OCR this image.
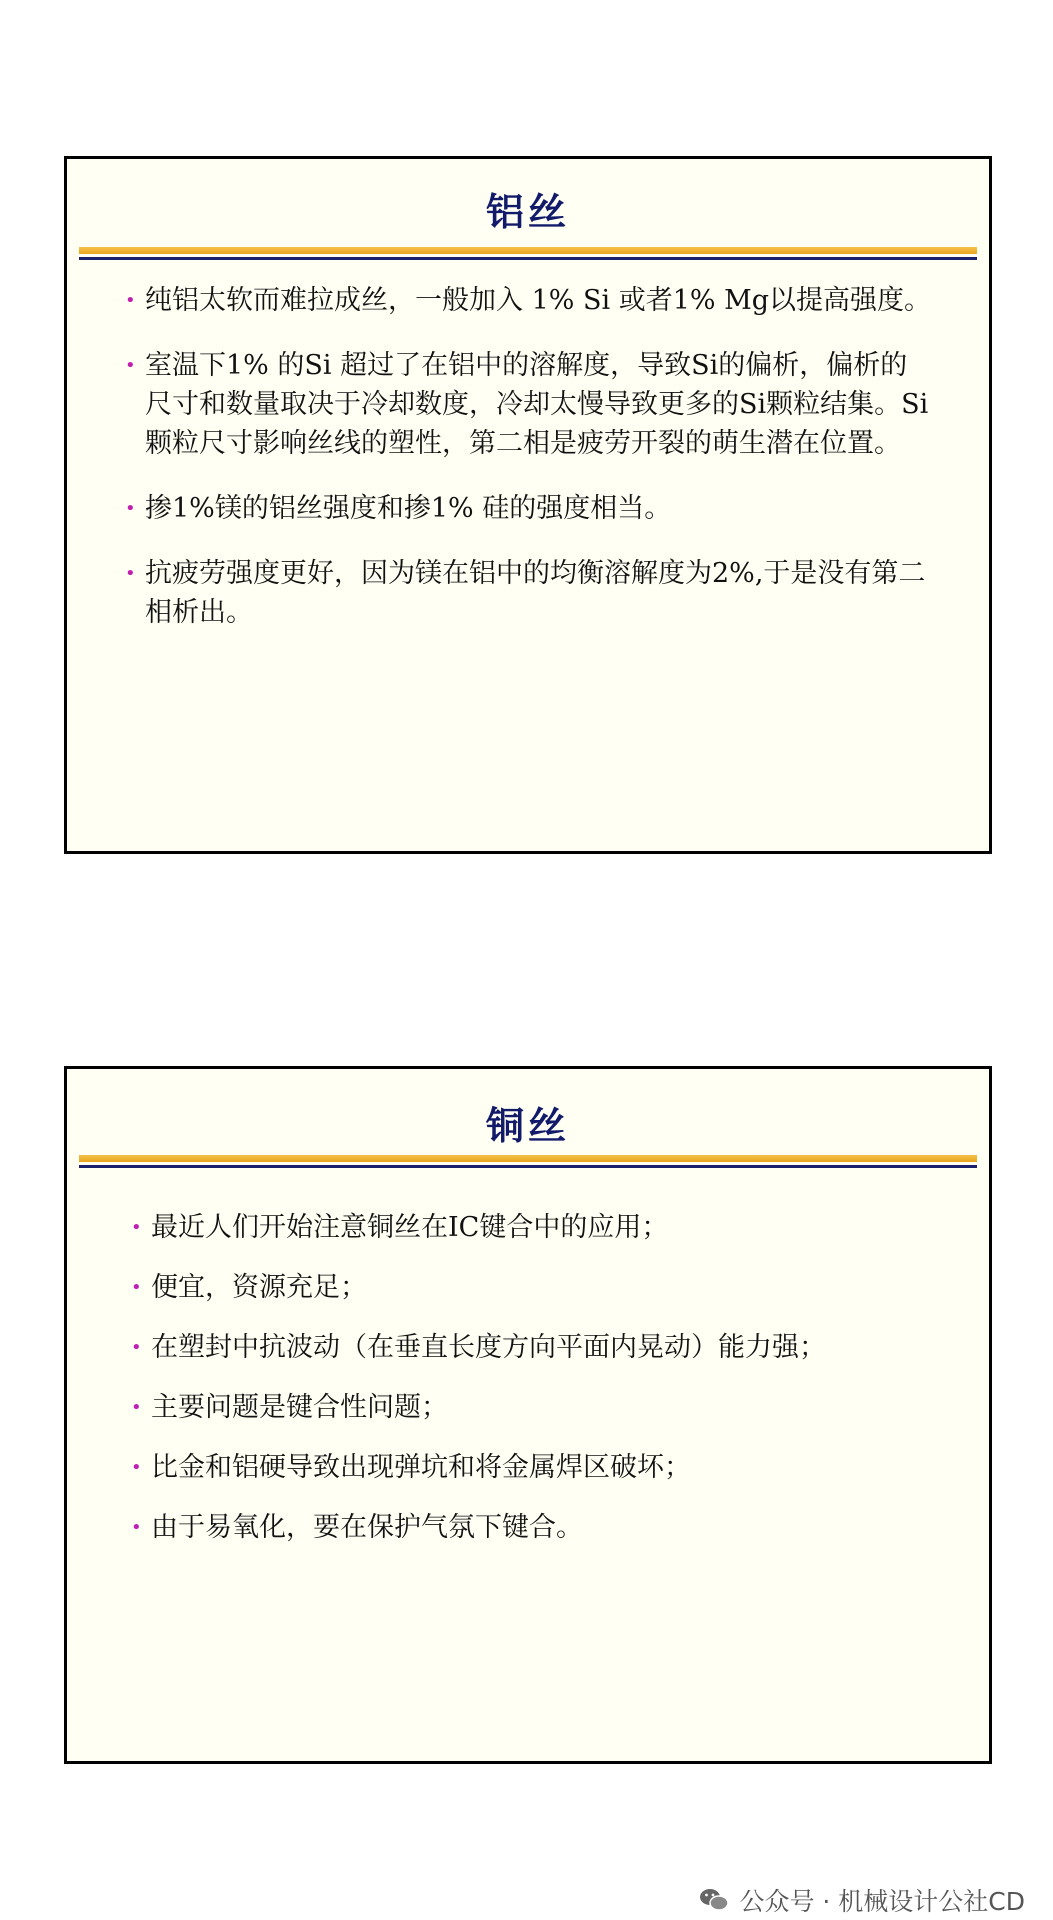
铝丝
• 纯铝太软而难拉成丝，一般加入 1% Si 或者1% Mg以提高强度。
• 室温下1% 的Si 超过了在铝中的溶解度，导致Si的偏析，偏析的尺寸和数量取决于冷却数度，冷却太慢导致更多的Si颗粒结集。Si颗粒尺寸影响丝线的塑性，第二相是疲劳开裂的萌生潜在位置。
• 掺1%镁的铝丝强度和掺1% 硅的强度相当。
• 抗疲劳强度更好，因为镁在铝中的均衡溶解度为2%,于是没有第二相析出。
铜丝
• 最近人们开始注意铜丝在IC键合中的应用；
• 便宜，资源充足；
• 在塑封中抗波动（在垂直长度方向平面内晃动）能力强；
• 主要问题是键合性问题；
• 比金和铝硬导致出现弹坑和将金属焊区破坏；
• 由于易氧化，要在保护气氛下键合。
公众号 · 机械设计公社CD
